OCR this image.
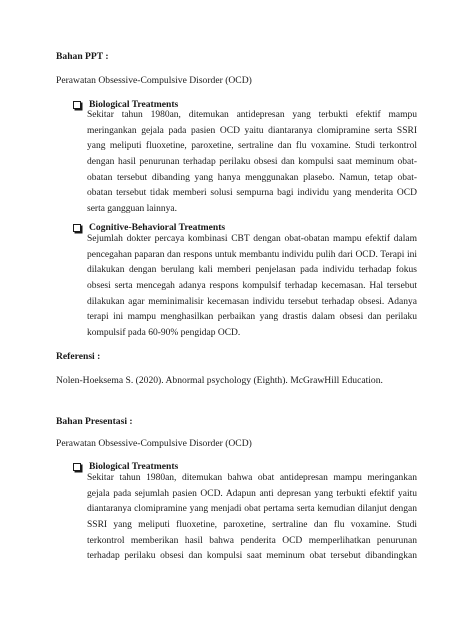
Bahan PPT :
Perawatan Obsessive-Compulsive Disorder (OCD)
Biological Treatments
Sekitar tahun 1980an, ditemukan antidepresan yang terbukti efektif mampu
meringankan gejala pada pasien OCD yaitu diantaranya clomipramine serta SSRI
yang meliputi fluoxetine, paroxetine, sertraline dan flu voxamine. Studi terkontrol
dengan hasil penurunan terhadap perilaku obsesi dan kompulsi saat meminum obat-
obatan tersebut dibanding yang hanya menggunakan plasebo. Namun, tetap obat-
obatan tersebut tidak memberi solusi sempurna bagi individu yang menderita OCD
serta gangguan lainnya.
Cognitive-Behavioral Treatments
Sejumlah dokter percaya kombinasi CBT dengan obat-obatan mampu efektif dalam
pencegahan paparan dan respons untuk membantu individu pulih dari OCD. Terapi ini
dilakukan dengan berulang kali memberi penjelasan pada individu terhadap fokus
obsesi serta mencegah adanya respons kompulsif terhadap kecemasan. Hal tersebut
dilakukan agar meminimalisir kecemasan individu tersebut terhadap obsesi. Adanya
terapi ini mampu menghasilkan perbaikan yang drastis dalam obsesi dan perilaku
kompulsif pada 60-90% pengidap OCD.
Referensi :
Nolen-Hoeksema S. (2020). Abnormal psychology (Eighth). McGrawHill Education.
Bahan Presentasi :
Perawatan Obsessive-Compulsive Disorder (OCD)
Biological Treatments
Sekitar tahun 1980an, ditemukan bahwa obat antidepresan mampu meringankan
gejala pada sejumlah pasien OCD. Adapun anti depresan yang terbukti efektif yaitu
diantaranya clomipramine yang menjadi obat pertama serta kemudian dilanjut dengan
SSRI yang meliputi fluoxetine, paroxetine, sertraline dan flu voxamine. Studi
terkontrol memberikan hasil bahwa penderita OCD memperlihatkan penurunan
terhadap perilaku obsesi dan kompulsi saat meminum obat tersebut dibandingkan
